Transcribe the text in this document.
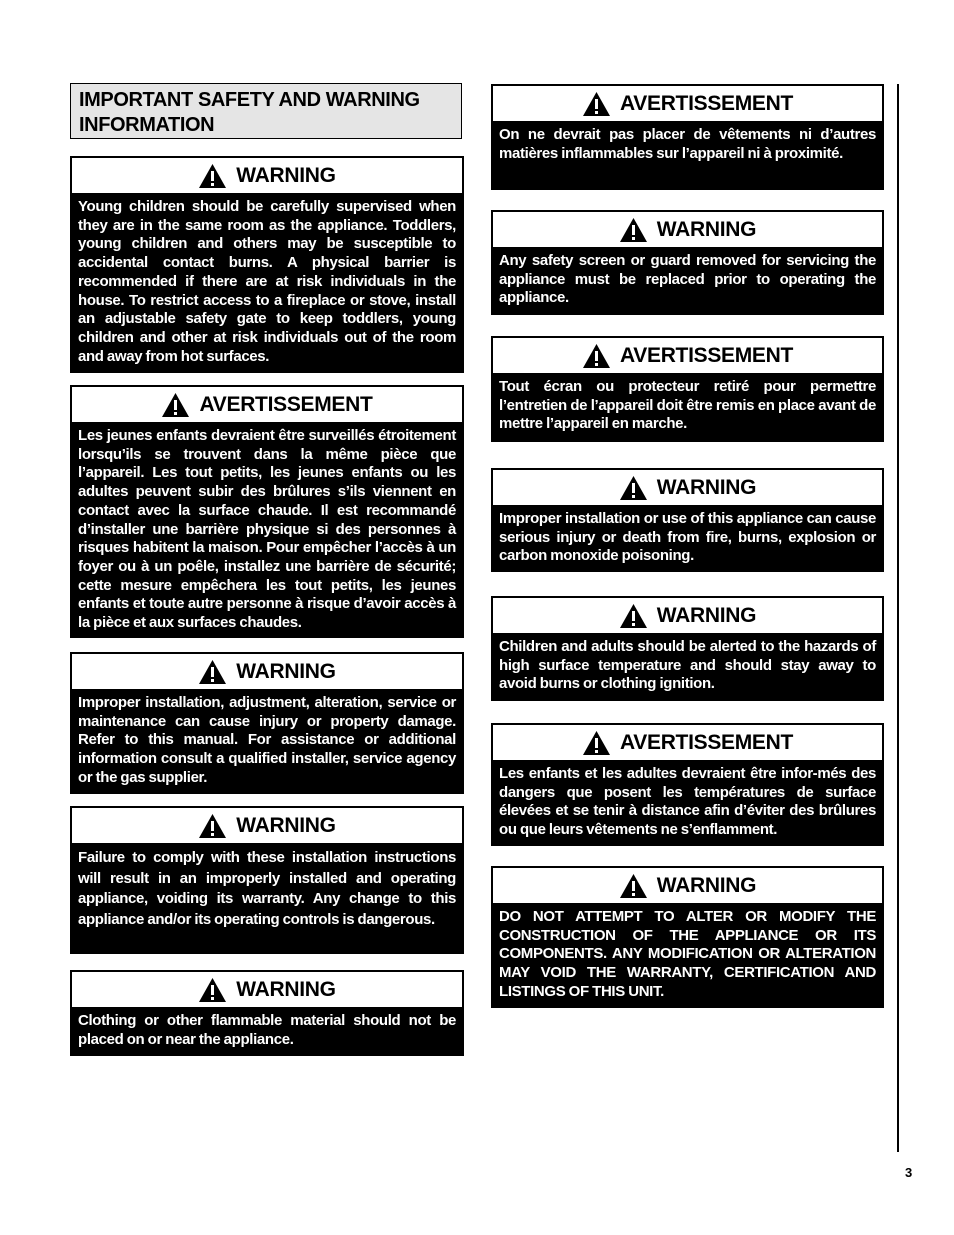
IMPORTANT SAFETY AND WARNING INFORMATION
WARNING
Young children should be carefully supervised when they are in the same room as the appliance. Toddlers, young children and others may be susceptible to accidental contact burns. A physical barrier is recommended if there are at risk individuals in the house. To restrict access to a fireplace or stove, install an adjustable safety gate to keep toddlers, young children and other at risk individuals out of the room and away from hot surfaces.
AVERTISSEMENT
Les jeunes enfants devraient être surveillés étroitement lorsqu’ils se trouvent dans la même pièce que l’appareil. Les tout petits, les jeunes enfants ou les adultes peuvent subir des brûlures s’ils viennent en contact avec la surface chaude. Il est recommandé d’installer une barrière physique si des personnes à risques habitent la maison. Pour empêcher l’accès à un foyer ou à un poêle, installez une barrière de sécurité; cette mesure empêchera les tout petits, les jeunes enfants et toute autre personne à risque d’avoir accès à la pièce et aux surfaces chaudes.
WARNING
Improper installation, adjustment, alteration, service or maintenance can cause injury or property damage. Refer to this manual. For assistance or additional information consult a qualified installer, service agency or the gas supplier.
WARNING
Failure to comply with these installation instructions will result in an improperly installed and operating appliance, voiding its warranty. Any change to this appliance and/or its operating controls is dangerous.
WARNING
Clothing or other flammable material should not be placed on or near the appliance.
AVERTISSEMENT
On ne devrait pas placer de vêtements ni d’autres matières inflammables sur l’appareil ni à proximité.
WARNING
Any safety screen or guard removed for servicing the appliance must be replaced prior to operating the appliance.
AVERTISSEMENT
Tout écran ou protecteur retiré pour permettre l’entretien de l’appareil doit être remis en place avant de mettre l’appareil en marche.
WARNING
Improper installation or use of this appliance can cause serious injury or death from fire, burns, explosion or carbon monoxide poisoning.
WARNING
Children and adults should be alerted to the hazards of high surface temperature and should stay away to avoid burns or clothing ignition.
AVERTISSEMENT
Les enfants et les adultes devraient être infor-més des dangers que posent les températures de surface élevées et se tenir à distance afin d’éviter des brûlures ou que leurs vêtements ne s’enflamment.
WARNING
DO NOT ATTEMPT TO ALTER OR MODIFY THE CONSTRUCTION OF THE APPLIANCE OR ITS COMPONENTS. ANY MODIFICATION OR ALTERATION MAY VOID THE WARRANTY, CERTIFICATION AND LISTINGS OF THIS UNIT.
3
